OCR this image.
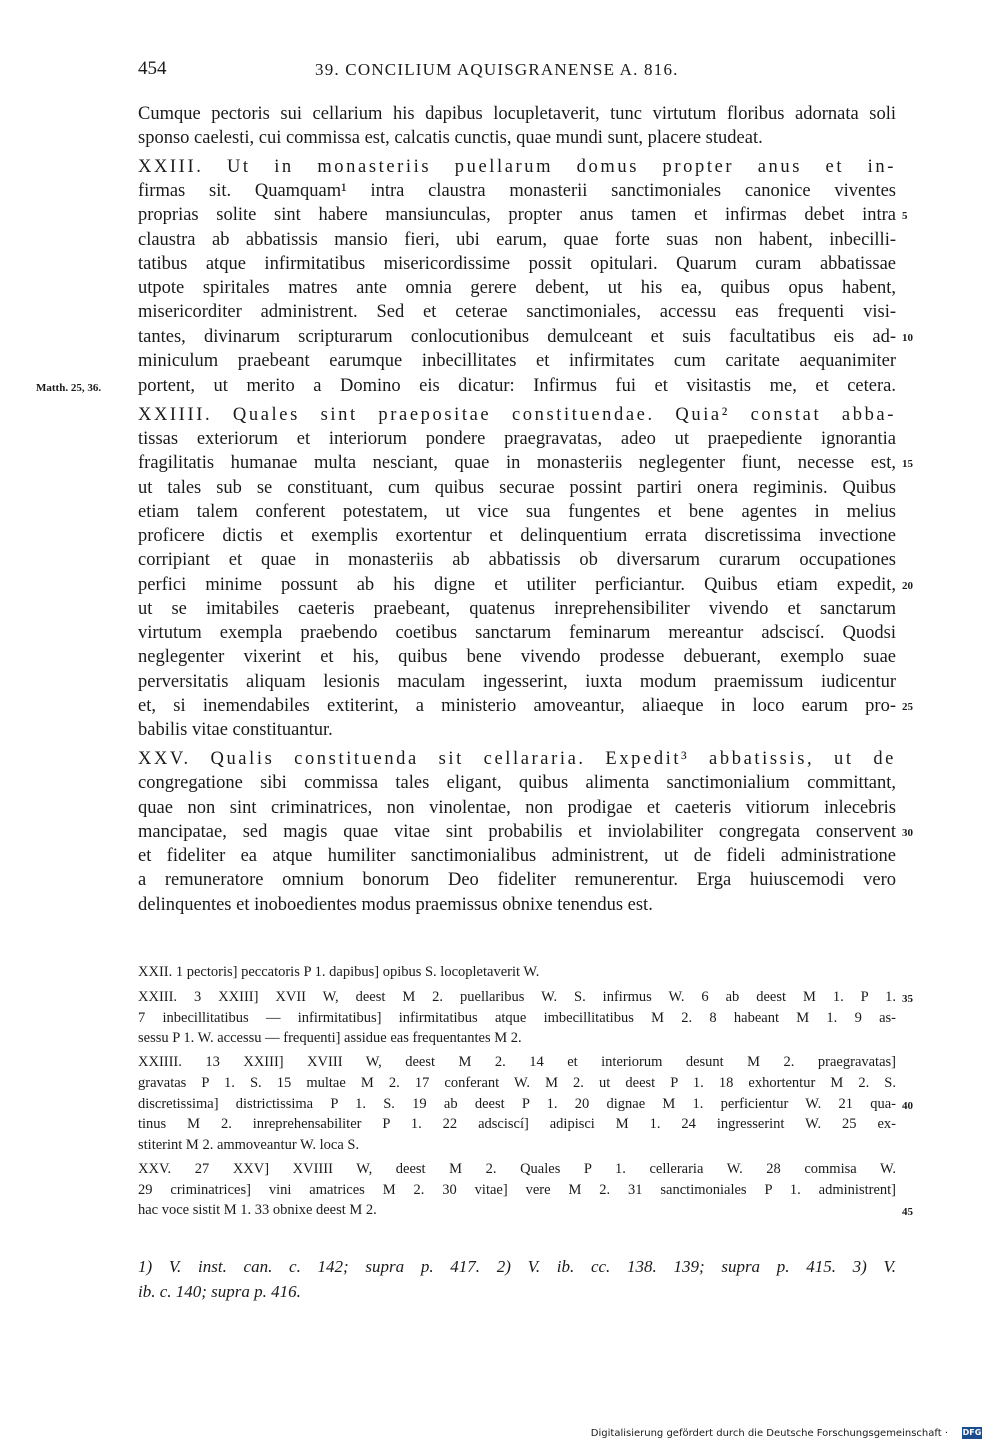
454	39. CONCILIUM AQUISGRANENSE A. 816.
Cumque pectoris sui cellarium his dapibus locupletaverit, tunc virtutum floribus adornata soli
sponso caelesti, cui commissa est, calcatis cunctis, quae mundi sunt, placere studeat.
XXIII. Ut in monasteriis puellarum domus propter anus et in-
firmas sit. Quamquam¹ intra claustra monasterii sanctimoniales canonice viventes
proprias solite sint habere mansiunculas, propter anus tamen et infirmas debet intra
claustra ab abbatissis mansio fieri, ubi earum, quae forte suas non habent, inbecilli-
tatibus atque infirmitatibus misericordissime possit opitulari. Quarum curam abbatissae
utpote spiritales matres ante omnia gerere debent, ut his ea, quibus opus habent,
misericorditer administrent. Sed et ceterae sanctimoniales, accessu eas frequenti visi-
tantes, divinarum scripturarum conlocutionibus demulceant et suis facultatibus eis ad-
miniculum praebeant earumque inbecillitates et infirmitates cum caritate aequanimiter
portent, ut merito a Domino eis dicatur: Infirmus fui et visitastis me, et cetera.
XXIIII. Quales sint praepositae constituendae. Quia² constat abba-
tissas exteriorum et interiorum pondere praegravatas, adeo ut praepediente ignorantia
fragilitatis humanae multa nesciant, quae in monasteriis neglegenter fiunt, necesse est,
ut tales sub se constituant, cum quibus securae possint partiri onera regiminis. Quibus
etiam talem conferent potestatem, ut vice sua fungentes et bene agentes in melius
proficere dictis et exemplis exortentur et delinquentium errata discretissima invectione
corripiant et quae in monasteriis ab abbatissis ob diversarum curarum occupationes
perfici minime possunt ab his digne et utiliter perficiantur. Quibus etiam expedit,
ut se imitabiles caeteris praebeant, quatenus inreprehensibiliter vivendo et sanctarum
virtutum exempla praebendo coetibus sanctarum feminarum mereantur adsciscí. Quodsi
neglegenter vixerint et his, quibus bene vivendo prodesse debuerant, exemplo suae
perversitatis aliquam lesionis maculam ingesserint, iuxta modum praemissum iudicentur
et, si inemendabiles extiterint, a ministerio amoveantur, aliaeque in loco earum pro-
babilis vitae constituantur.
XXV. Qualis constituenda sit cellararia. Expedit³ abbatissis, ut de
congregatione sibi commissa tales eligant, quibus alimenta sanctimonialium committant,
quae non sint criminatrices, non vinolentae, non prodigae et caeteris vitiorum inlecebris
mancipatae, sed magis quae vitae sint probabilis et inviolabiliter congregata conservent
et fideliter ea atque humiliter sanctimonialibus administrent, ut de fideli administratione
a remuneratore omnium bonorum Deo fideliter remunerentur. Erga huiuscemodi vero
delinquentes et inoboedientes modus praemissus obnixe tenendus est.
Matth. 25, 36.
5
10
15
20
25
30
XXII. 1 pectoris] peccatoris P 1. dapibus] opibus S. locopletaverit W.
XXIII. 3 XXIII] XVII W, deest M 2. puellaribus W. S. infirmus W. 6 ab deest M 1. P 1.
7 inbecillitatibus — infirmitatibus] infirmitatibus atque imbecillitatibus M 2. 8 habeant M 1. 9 as-
sessu P 1. W. accessu — frequenti] assidue eas frequentantes M 2.
XXIIII. 13 XXIII] XVIII W, deest M 2. 14 et interiorum desunt M 2. praegravatas]
gravatas P 1. S. 15 multae M 2. 17 conferant W. M 2. ut deest P 1. 18 exhortentur M 2. S.
discretissima] districtissima P 1. S. 19 ab deest P 1. 20 dignae M 1. perficientur W. 21 qua-
tinus M 2. inreprehensabiliter P 1. 22 adsciscí] adipisci M 1. 24 ingresserint W. 25 ex-
stiterint M 2. ammoveantur W. loca S.
XXV. 27 XXV] XVIIII W, deest M 2. Quales P 1. celleraria W. 28 commisa W.
29 criminatrices] vini amatrices M 2. 30 vitae] vere M 2. 31 sanctimoniales P 1. administrent]
hac voce sistit M 1. 33 obnixe deest M 2.
35
40
45
1) V. inst. can. c. 142; supra p. 417. 2) V. ib. cc. 138. 139; supra p. 415. 3) V.
ib. c. 140; supra p. 416.
Digitalisierung gefördert durch die Deutsche Forschungsgemeinschaft · DFG
